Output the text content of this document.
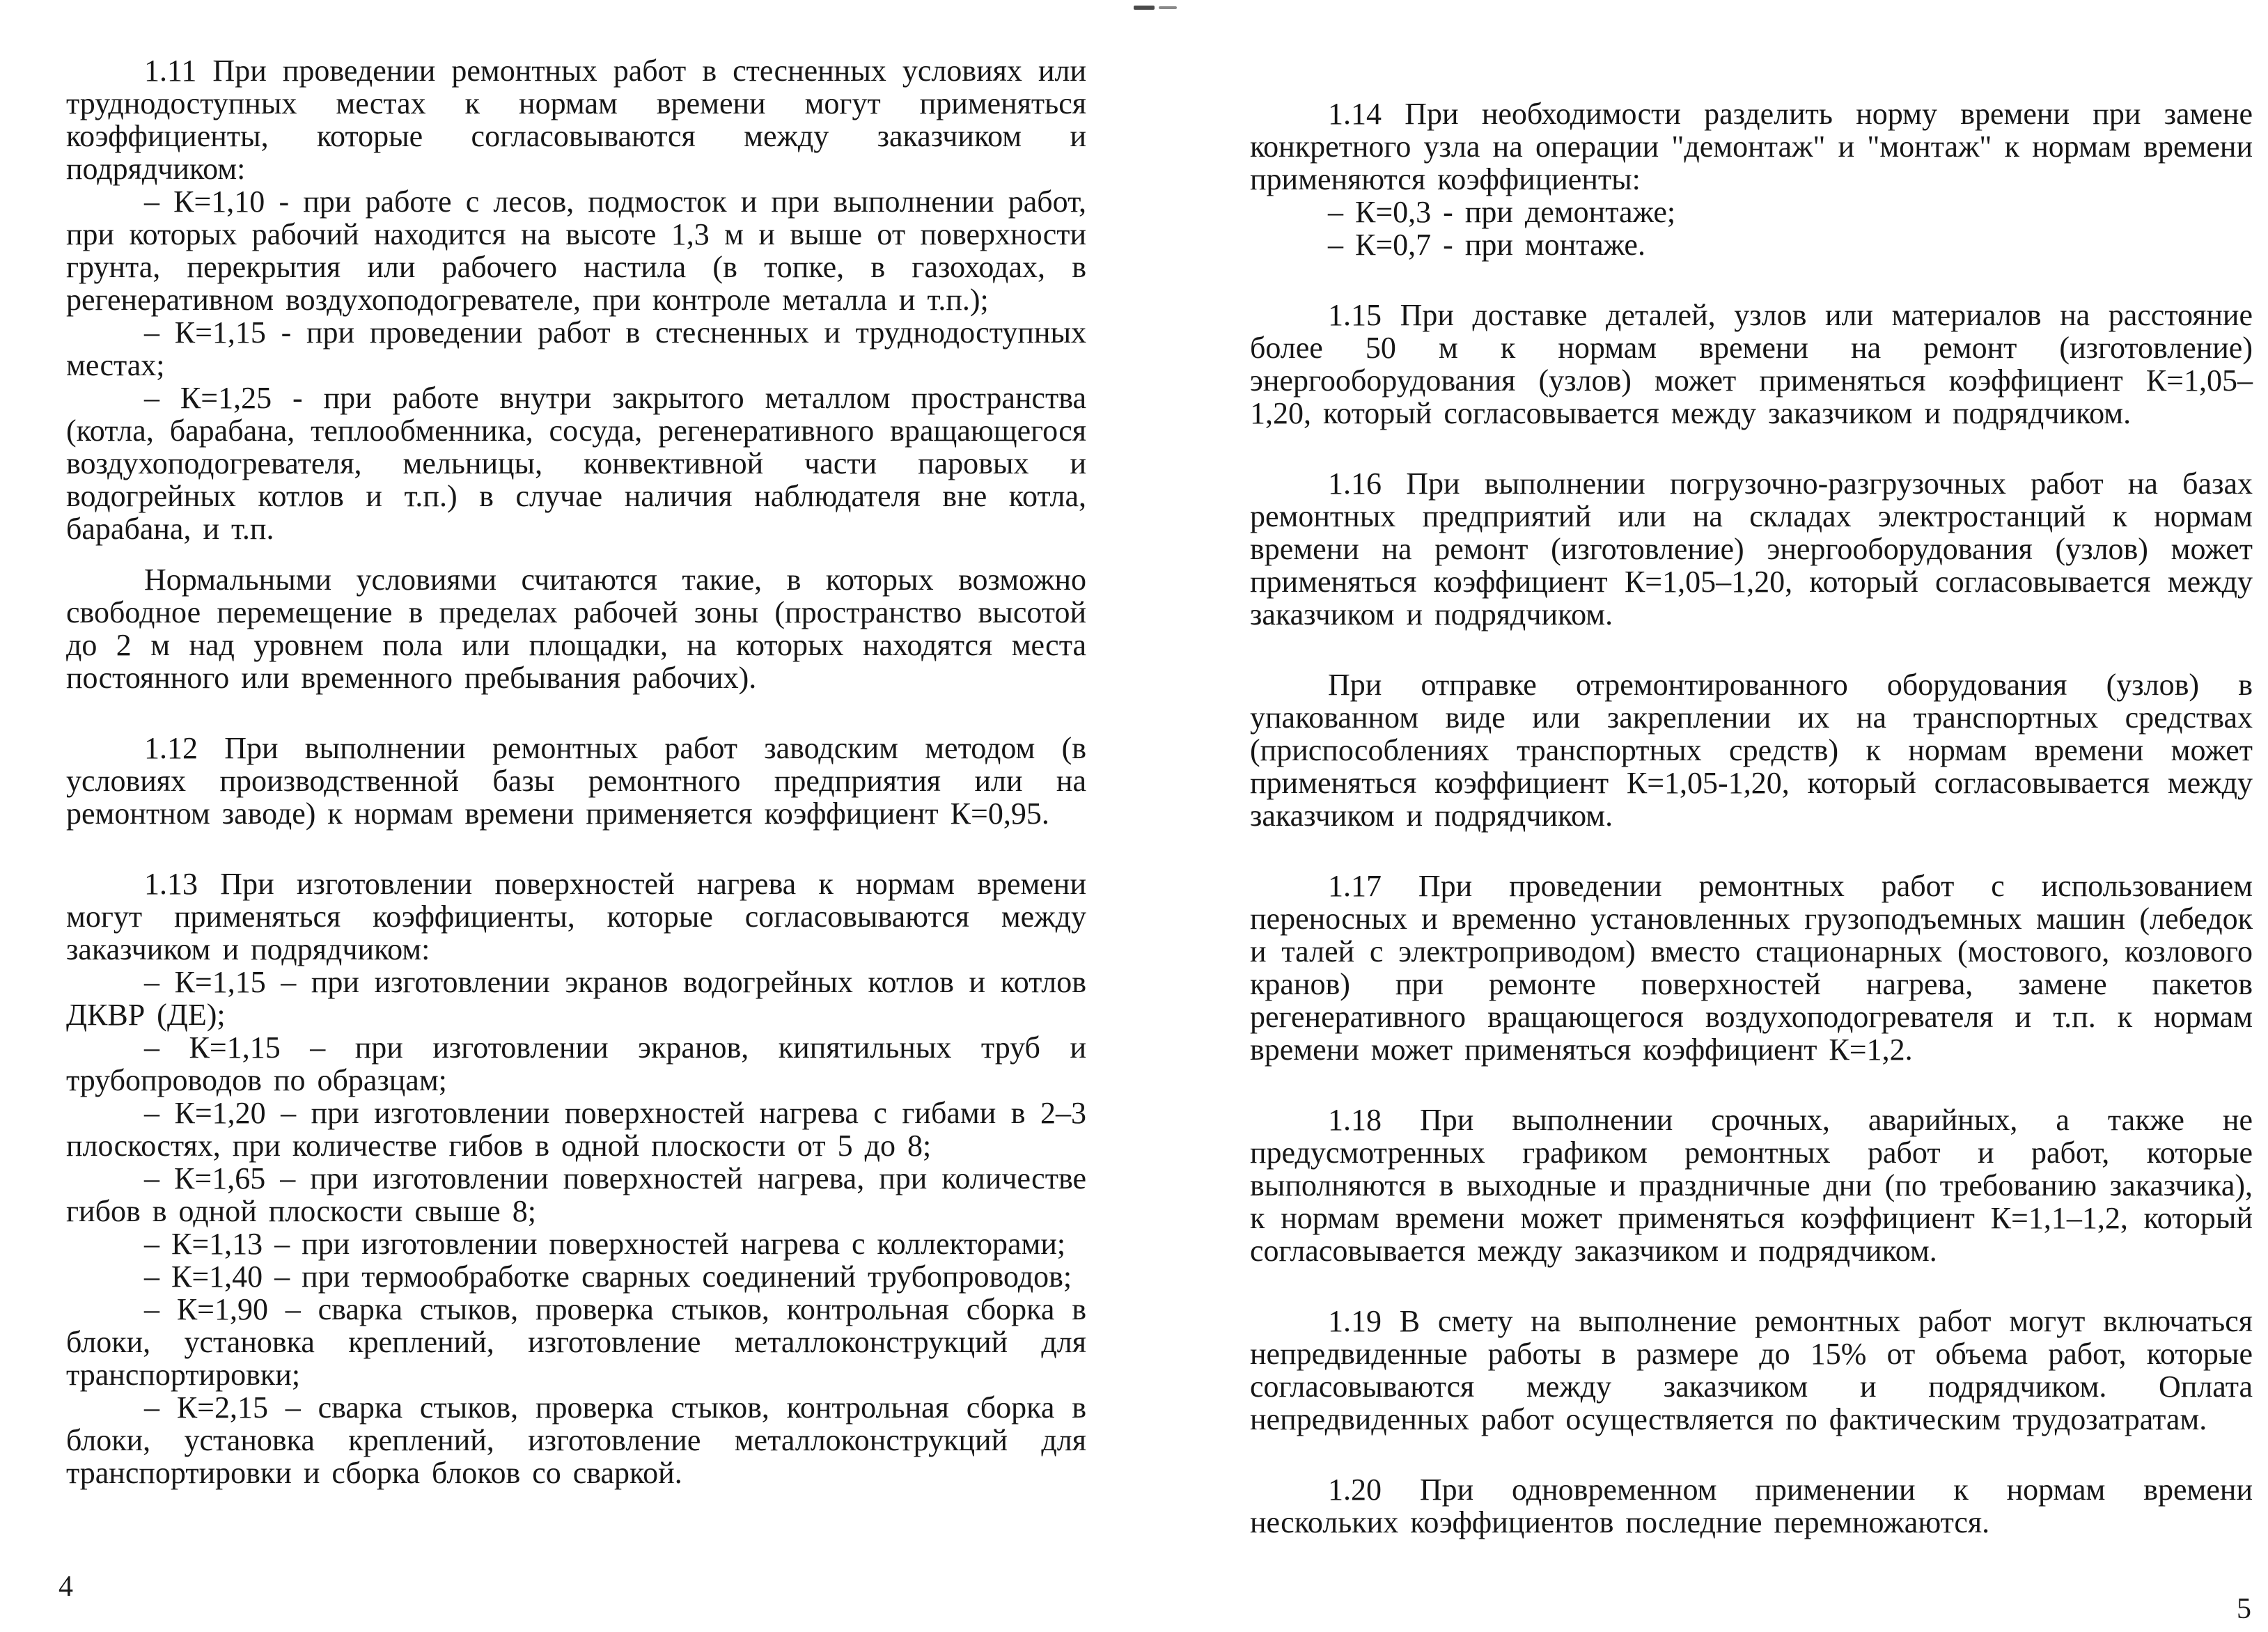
1.11 При проведении ремонтных работ в стесненных условиях или труднодоступных местах к нормам времени могут применяться коэффициенты, которые согласовываются между заказчиком и подрядчиком:

– К=1,10 - при работе с лесов, подмосток и при выполнении работ, при которых рабочий находится на высоте 1,3 м и выше от поверхности грунта, перекрытия или рабочего настила (в топке, в газоходах, в регенеративном воздухоподогревателе, при контроле металла и т.п.);

– К=1,15 - при проведении работ в стесненных и труднодоступных местах;

– К=1,25 - при работе внутри закрытого металлом пространства (котла, барабана, теплообменника, сосуда, регенеративного вращающегося воздухоподогревателя, мельницы, конвективной части паровых и водогрейных котлов и т.п.) в случае наличия наблюдателя вне котла, барабана, и т.п.

Нормальными условиями считаются такие, в которых возможно свободное перемещение в пределах рабочей зоны (пространство высотой до 2 м над уровнем пола или площадки, на которых находятся места постоянного или временного пребывания рабочих).

1.12 При выполнении ремонтных работ заводским методом (в условиях производственной базы ремонтного предприятия или на ремонтном заводе) к нормам времени применяется коэффициент К=0,95.

1.13 При изготовлении поверхностей нагрева к нормам времени могут применяться коэффициенты, которые согласовываются между заказчиком и подрядчиком:

– К=1,15 – при изготовлении экранов водогрейных котлов и котлов ДКВР (ДЕ);

– К=1,15 – при изготовлении экранов, кипятильных труб и трубопроводов по образцам;

– К=1,20 – при изготовлении поверхностей нагрева с гибами в 2–3 плоскостях, при количестве гибов в одной плоскости от 5 до 8;

– К=1,65 – при изготовлении поверхностей нагрева, при количестве гибов в одной плоскости свыше 8;

– К=1,13 – при изготовлении поверхностей нагрева с коллекторами;

– К=1,40 – при термообработке сварных соединений трубопроводов;

– К=1,90 – сварка стыков, проверка стыков, контрольная сборка в блоки, установка креплений, изготовление металлоконструкций для транспортировки;

– К=2,15 – сварка стыков, проверка стыков, контрольная сборка в блоки, установка креплений, изготовление металлоконструкций для транспортировки и сборка блоков со сваркой.

1.14 При необходимости разделить норму времени при замене конкретного узла на операции "демонтаж" и "монтаж" к нормам времени применяются коэффициенты:

– К=0,3 - при демонтаже;

– К=0,7 - при монтаже.

1.15 При доставке деталей, узлов или материалов на расстояние более 50 м к нормам времени на ремонт (изготовление) энергооборудования (узлов) может применяться коэффициент К=1,05–1,20, который согласовывается между заказчиком и подрядчиком.

1.16 При выполнении погрузочно-разгрузочных работ на базах ремонтных предприятий или на складах электростанций к нормам времени на ремонт (изготовление) энергооборудования (узлов) может применяться коэффициент К=1,05–1,20, который согласовывается между заказчиком и подрядчиком.

При отправке отремонтированного оборудования (узлов) в упакованном виде или закреплении их на транспортных средствах (приспособлениях транспортных средств) к нормам времени может применяться коэффициент К=1,05-1,20, который согласовывается между заказчиком и подрядчиком.

1.17 При проведении ремонтных работ с использованием переносных и временно установленных грузоподъемных машин (лебедок и талей с электроприводом) вместо стационарных (мостового, козлового кранов) при ремонте поверхностей нагрева, замене пакетов регенеративного вращающегося воздухоподогревателя и т.п. к нормам времени может применяться коэффициент К=1,2.

1.18 При выполнении срочных, аварийных, а также не предусмотренных графиком ремонтных работ и работ, которые выполняются в выходные и праздничные дни (по требованию заказчика), к нормам времени может применяться коэффициент К=1,1–1,2, который согласовывается между заказчиком и подрядчиком.

1.19 В смету на выполнение ремонтных работ могут включаться непредвиденные работы в размере до 15% от объема работ, которые согласовываются между заказчиком и подрядчиком. Оплата непредвиденных работ осуществляется по фактическим трудозатратам.

1.20 При одновременном применении к нормам времени нескольких коэффициентов последние перемножаются.

4
5
